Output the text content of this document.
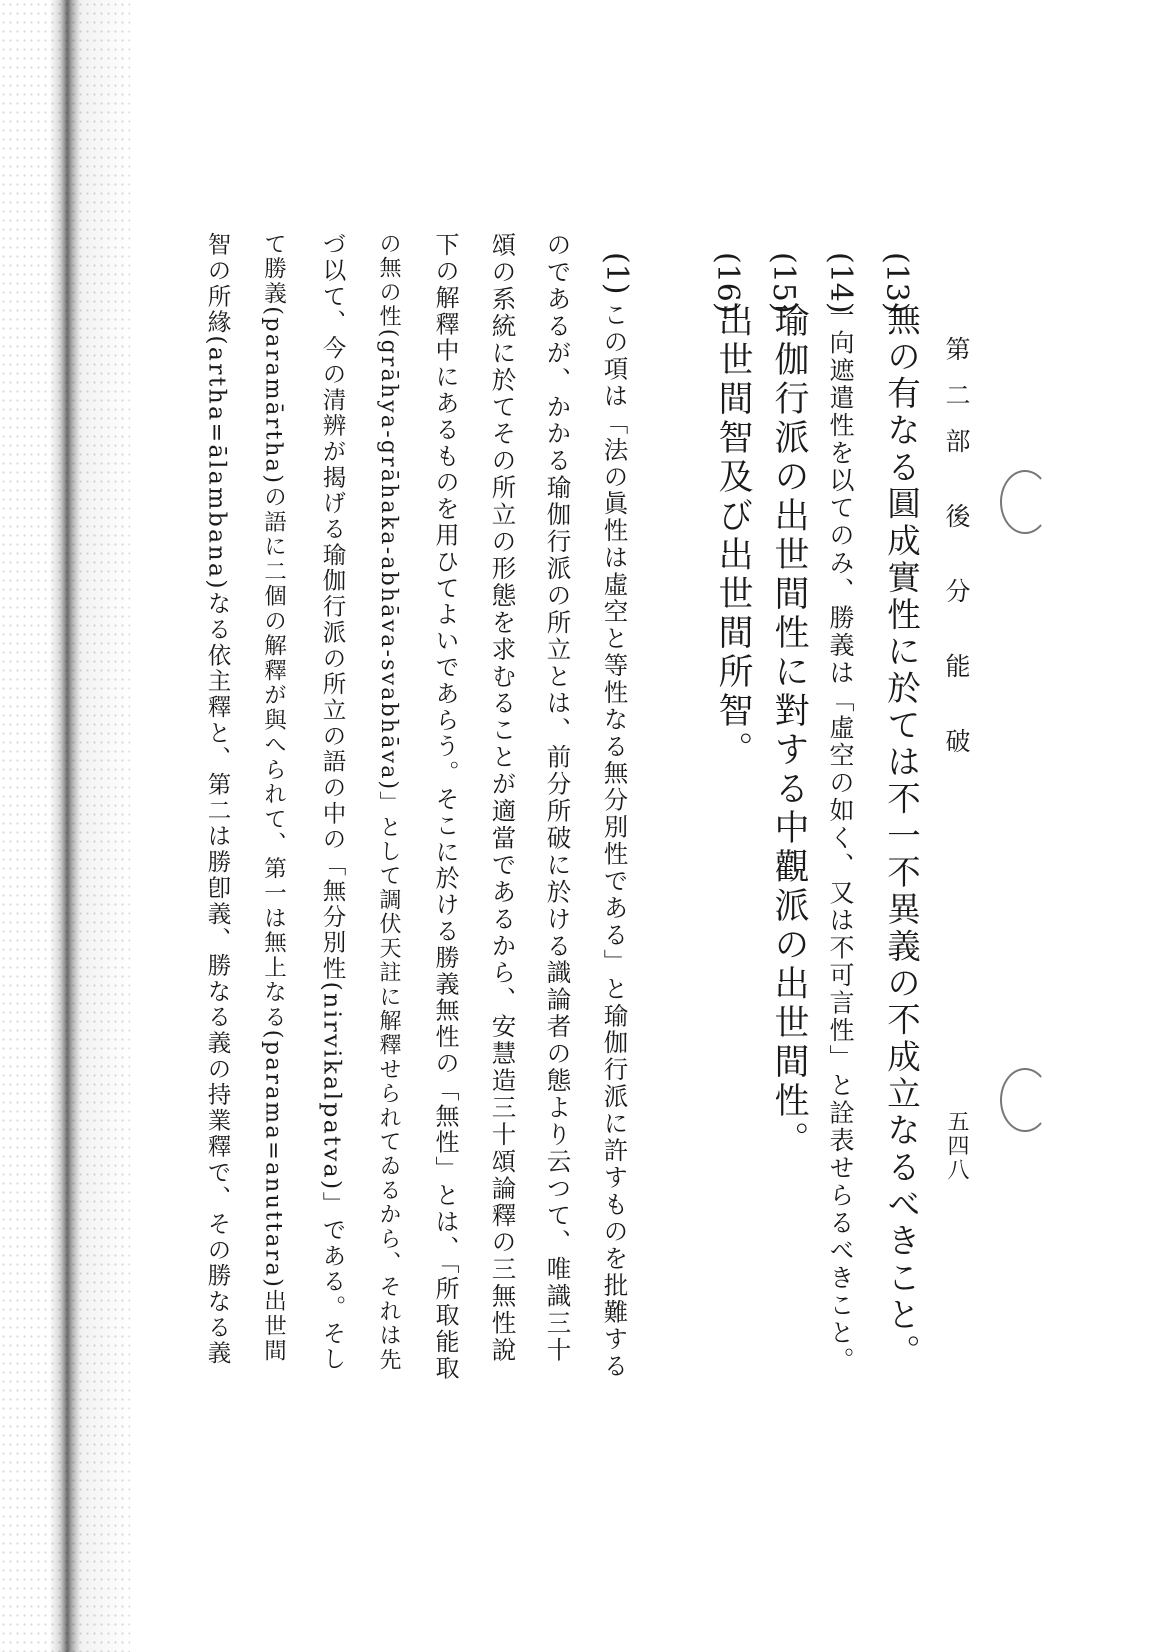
第二部 後 分 能 破
五四八
(13)
無の有なる圓成實性に於ては不一不異義の不成立なるべきこと。
(14)
一向遮遣性を以てのみ、勝義は「虛空の如く、又は不可言性」と詮表せらるべきこと。
(15)
瑜伽行派の出世間性に對する中觀派の出世間性。
(16)
出世間智及び出世間所智。
(1)
この項は「法の眞性は虛空と等性なる無分別性である」と瑜伽行派に許すものを批難する
のであるが、かかる瑜伽行派の所立とは、前分所破に於ける識論者の態より云つて、唯識三十
頌の系統に於てその所立の形態を求むることが適當であるから、安慧造三十頌論釋の三無性說
下の解釋中にあるものを用ひてよいであらう。そこに於ける勝義無性の「無性」とは、「所取能取
の無の性(grāhya-grāhaka-abhāva-svabhāva)」として調伏天註に解釋せられてゐるから、それは先
づ以て、今の清辨が揭げる瑜伽行派の所立の語の中の「無分別性(nirvikalpatva)」である。そし
て勝義(paramārtha)の語に二個の解釋が與へられて、第一は無上なる(parama=anuttara)出世間
智の所緣(artha=ālambana)なる依主釋と、第二は勝卽義、勝なる義の持業釋で、その勝なる義
